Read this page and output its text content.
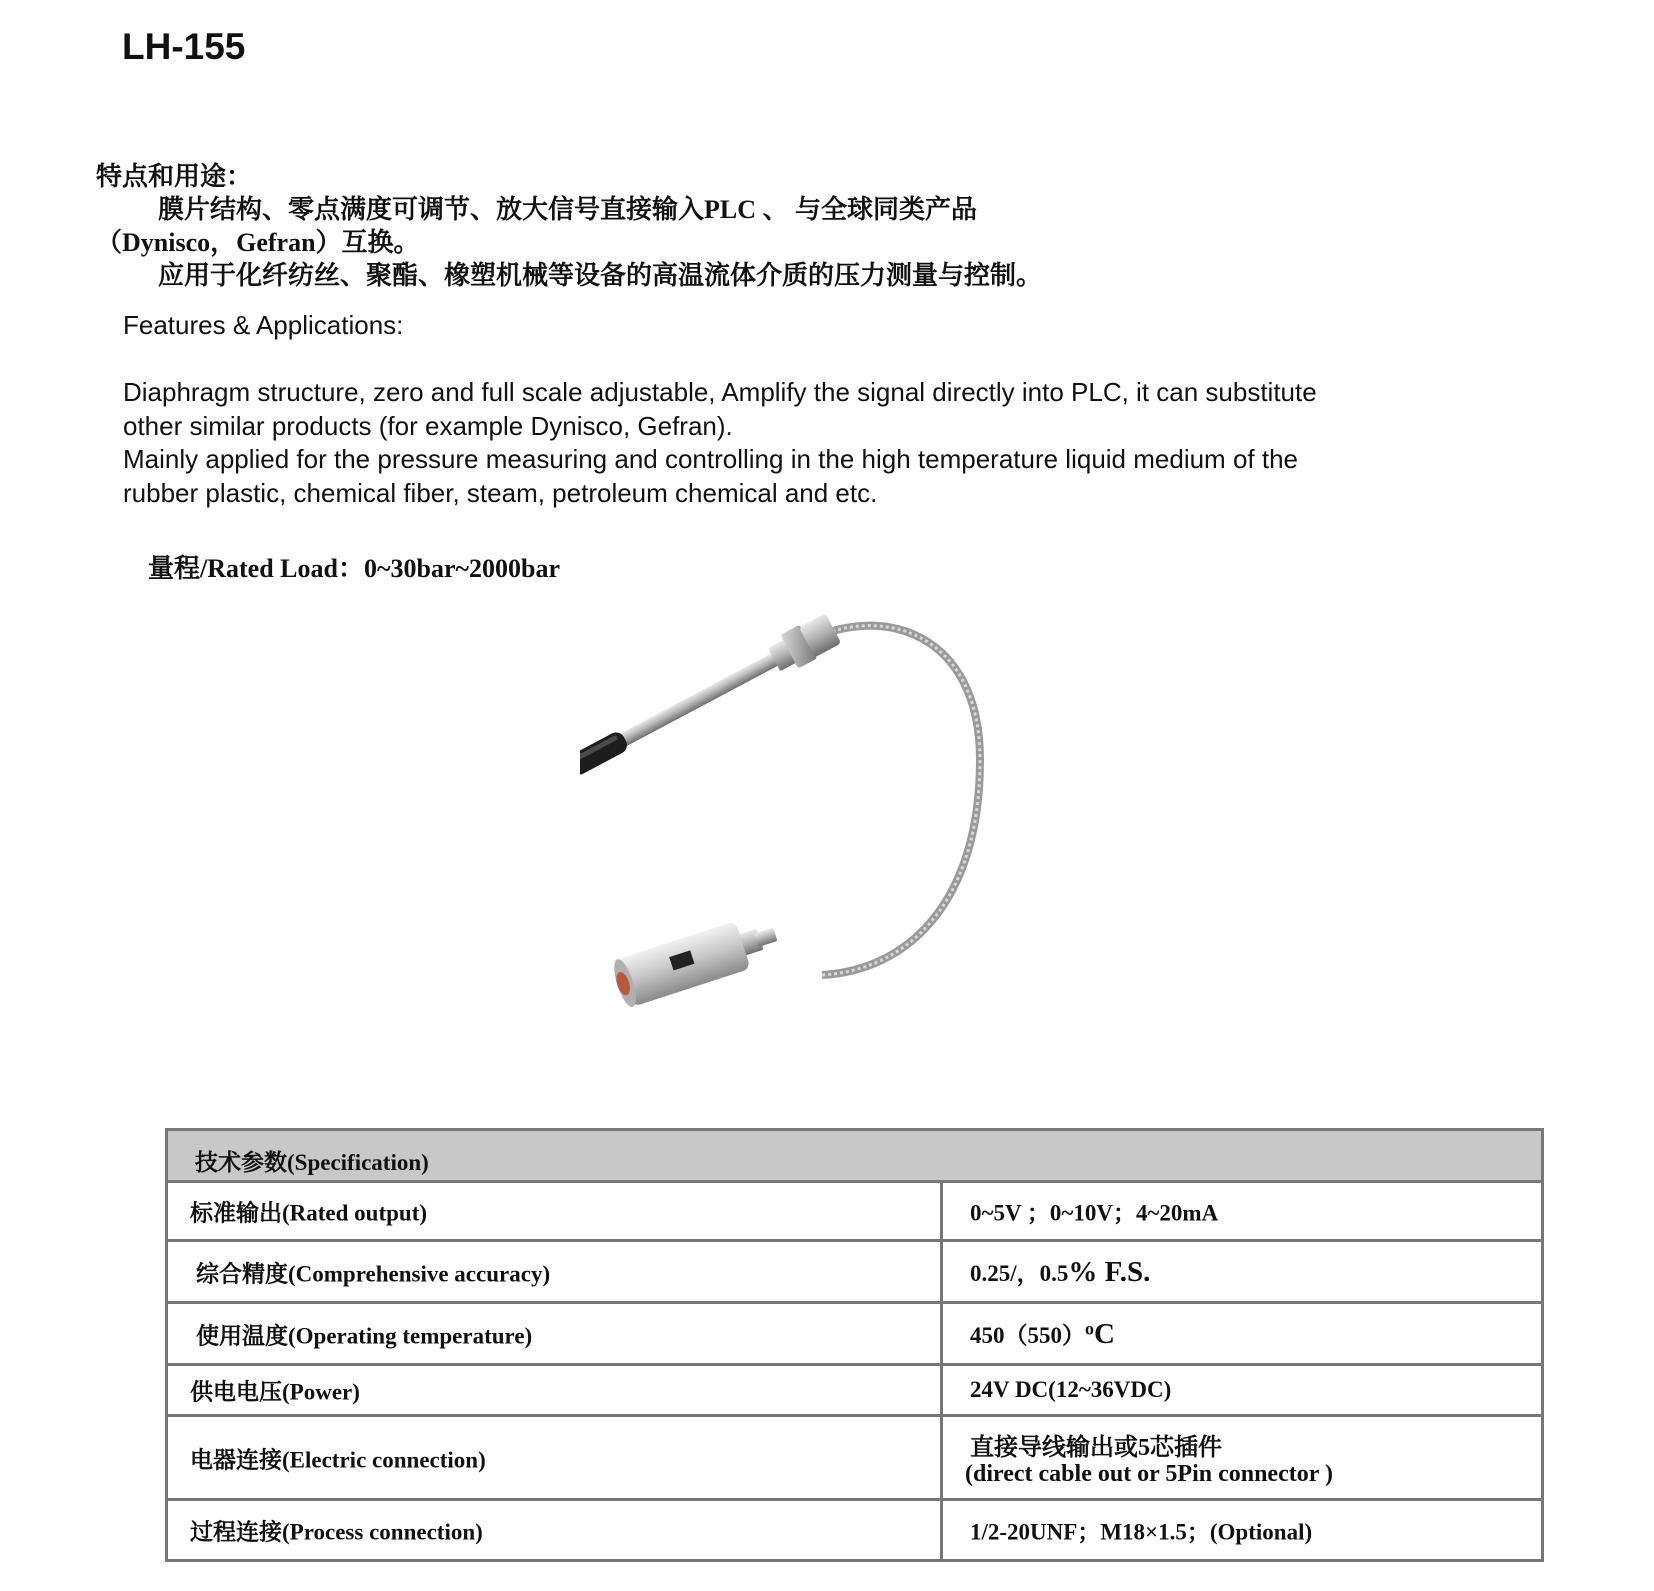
LH-155
特点和用途：
膜片结构、零点满度可调节、放大信号直接输入PLC 、 与全球同类产品
（Dynisco，Gefran）互换。
应用于化纤纺丝、聚酯、橡塑机械等设备的高温流体介质的压力测量与控制。
Features & Applications:
Diaphragm structure, zero and full scale adjustable, Amplify the signal directly into PLC, it can substitute
other similar products (for example Dynisco, Gefran).
Mainly applied for the pressure measuring and controlling in the high temperature liquid medium of the
rubber plastic, chemical fiber, steam, petroleum chemical and etc.
量程/Rated Load：0~30bar~2000bar
技术参数(Specification)
标准输出(Rated output)	0~5V ；0~10V；4~20mA
综合精度(Comprehensive accuracy)	0.25/，0.5% F.S.
使用温度(Operating temperature)	$450(550)^oC$
供电电压(Power)	24V DC(12~36VDC)
电器连接(Electric connection)	直接导线输出或5芯插件
(direct cable out or 5Pin connector )
过程连接(Process connection)	1/2-20UNF；M18×1.5；(Optional)
